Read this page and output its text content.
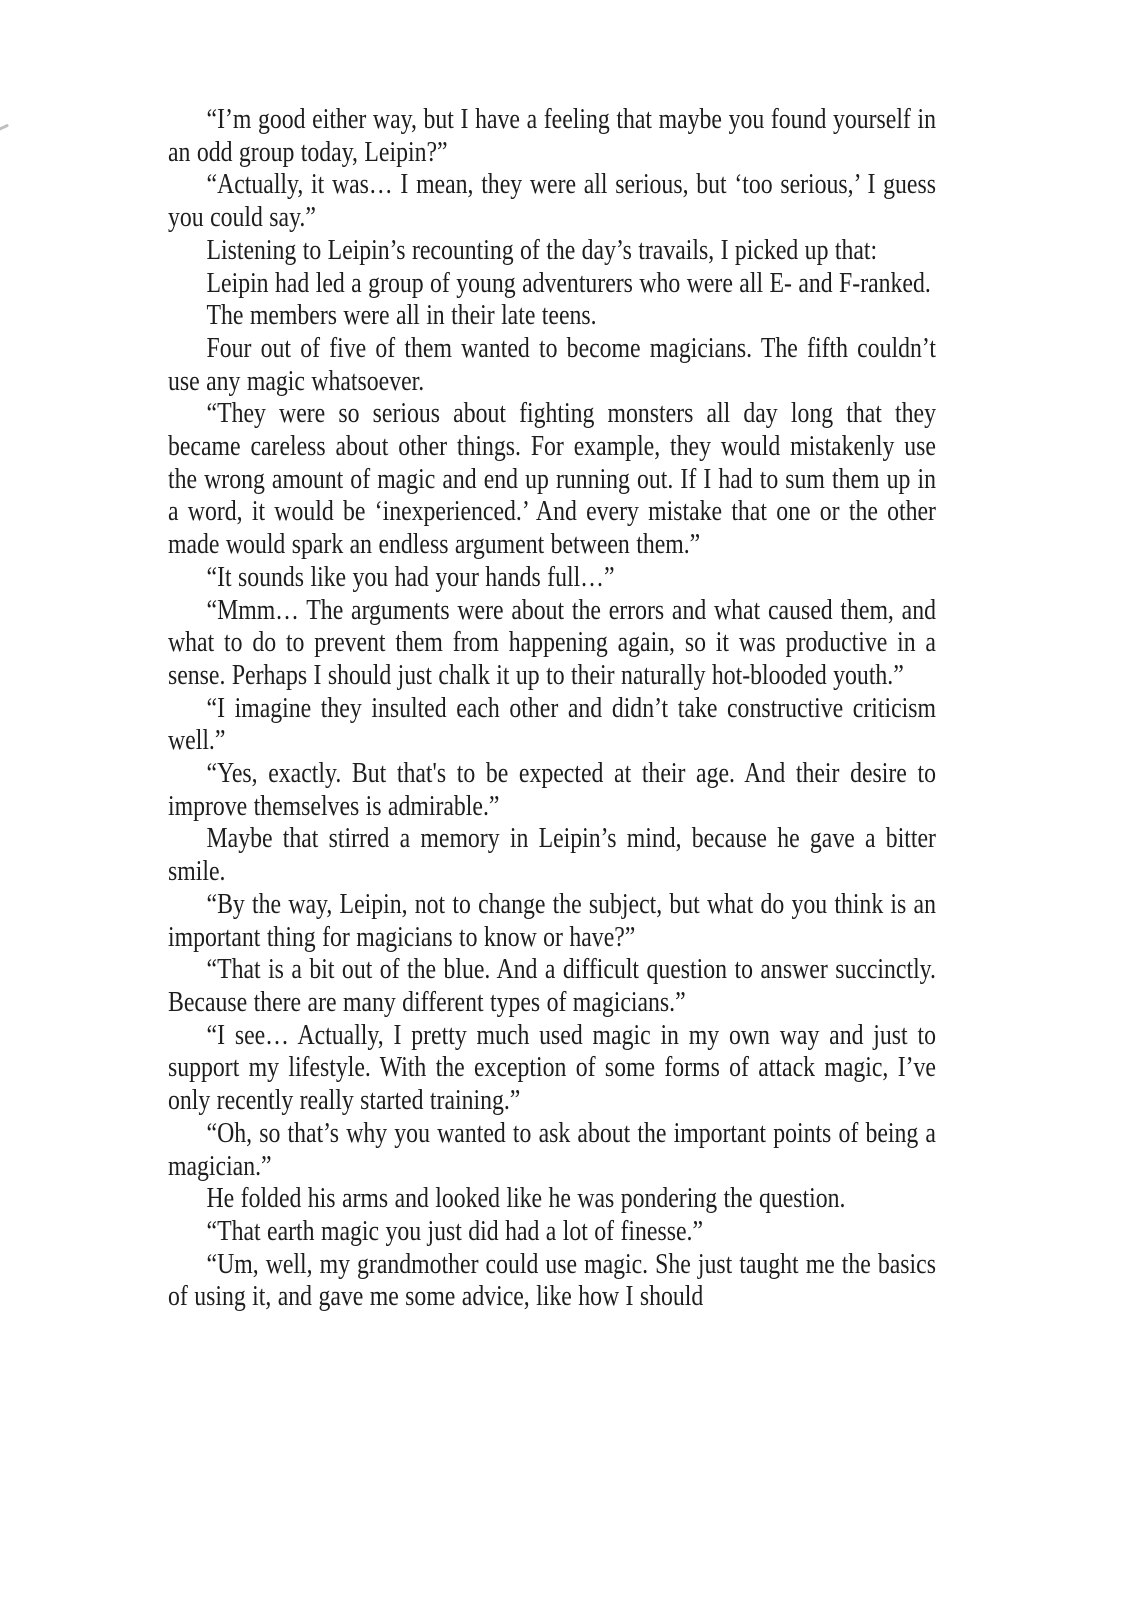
“I’m good either way, but I have a feeling that maybe you found yourself in an odd group today, Leipin?”

“Actually, it was… I mean, they were all serious, but ‘too serious,’ I guess you could say.”

Listening to Leipin’s recounting of the day’s travails, I picked up that:

Leipin had led a group of young adventurers who were all E- and F-ranked.

The members were all in their late teens.

Four out of five of them wanted to become magicians. The fifth couldn’t use any magic whatsoever.

“They were so serious about fighting monsters all day long that they became careless about other things. For example, they would mistakenly use the wrong amount of magic and end up running out. If I had to sum them up in a word, it would be ‘inexperienced.’ And every mistake that one or the other made would spark an endless argument between them.”

“It sounds like you had your hands full…”

“Mmm… The arguments were about the errors and what caused them, and what to do to prevent them from happening again, so it was productive in a sense. Perhaps I should just chalk it up to their naturally hot-blooded youth.”

“I imagine they insulted each other and didn’t take constructive criticism well.”

“Yes, exactly. But that's to be expected at their age. And their desire to improve themselves is admirable.”

Maybe that stirred a memory in Leipin’s mind, because he gave a bitter smile.

“By the way, Leipin, not to change the subject, but what do you think is an important thing for magicians to know or have?”

“That is a bit out of the blue. And a difficult question to answer succinctly. Because there are many different types of magicians.”

“I see… Actually, I pretty much used magic in my own way and just to support my lifestyle. With the exception of some forms of attack magic, I’ve only recently really started training.”

“Oh, so that’s why you wanted to ask about the important points of being a magician.”

He folded his arms and looked like he was pondering the question.

“That earth magic you just did had a lot of finesse.”

“Um, well, my grandmother could use magic. She just taught me the basics of using it, and gave me some advice, like how I should
